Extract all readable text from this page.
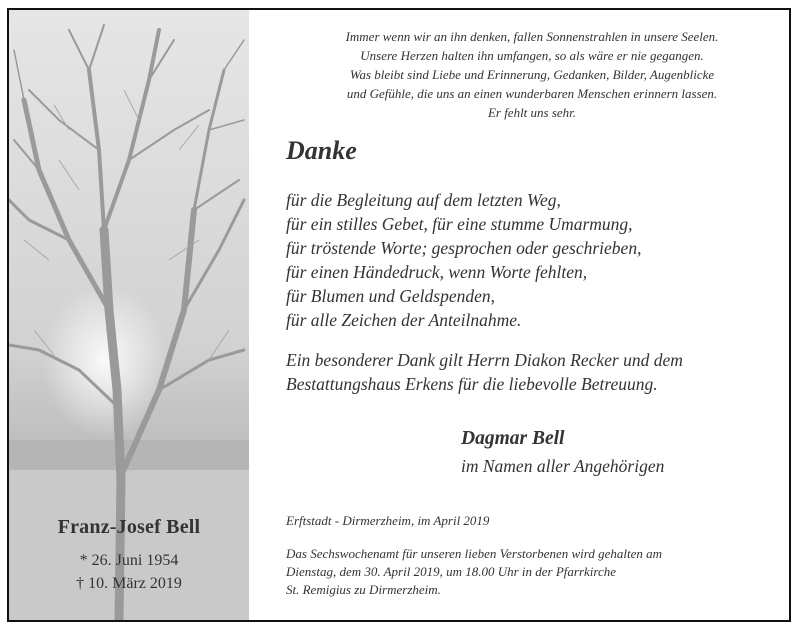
Franz-Josef Bell
* 26. Juni 1954
† 10. März 2019
Immer wenn wir an ihn denken, fallen Sonnenstrahlen in unsere Seelen.
Unsere Herzen halten ihn umfangen, so als wäre er nie gegangen.
Was bleibt sind Liebe und Erinnerung, Gedanken, Bilder, Augenblicke
und Gefühle, die uns an einen wunderbaren Menschen erinnern lassen.
Er fehlt uns sehr.
Danke
für die Begleitung auf dem letzten Weg,
für ein stilles Gebet, für eine stumme Umarmung,
für tröstende Worte; gesprochen oder geschrieben,
für einen Händedruck, wenn Worte fehlten,
für Blumen und Geldspenden,
für alle Zeichen der Anteilnahme.
Ein besonderer Dank gilt Herrn Diakon Recker und dem
Bestattungshaus Erkens für die liebevolle Betreuung.
Dagmar Bell
im Namen aller Angehörigen
Erftstadt - Dirmerzheim, im April 2019
Das Sechswochenamt für unseren lieben Verstorbenen wird gehalten am
Dienstag, dem 30. April 2019, um 18.00 Uhr in der Pfarrkirche
St. Remigius zu Dirmerzheim.
